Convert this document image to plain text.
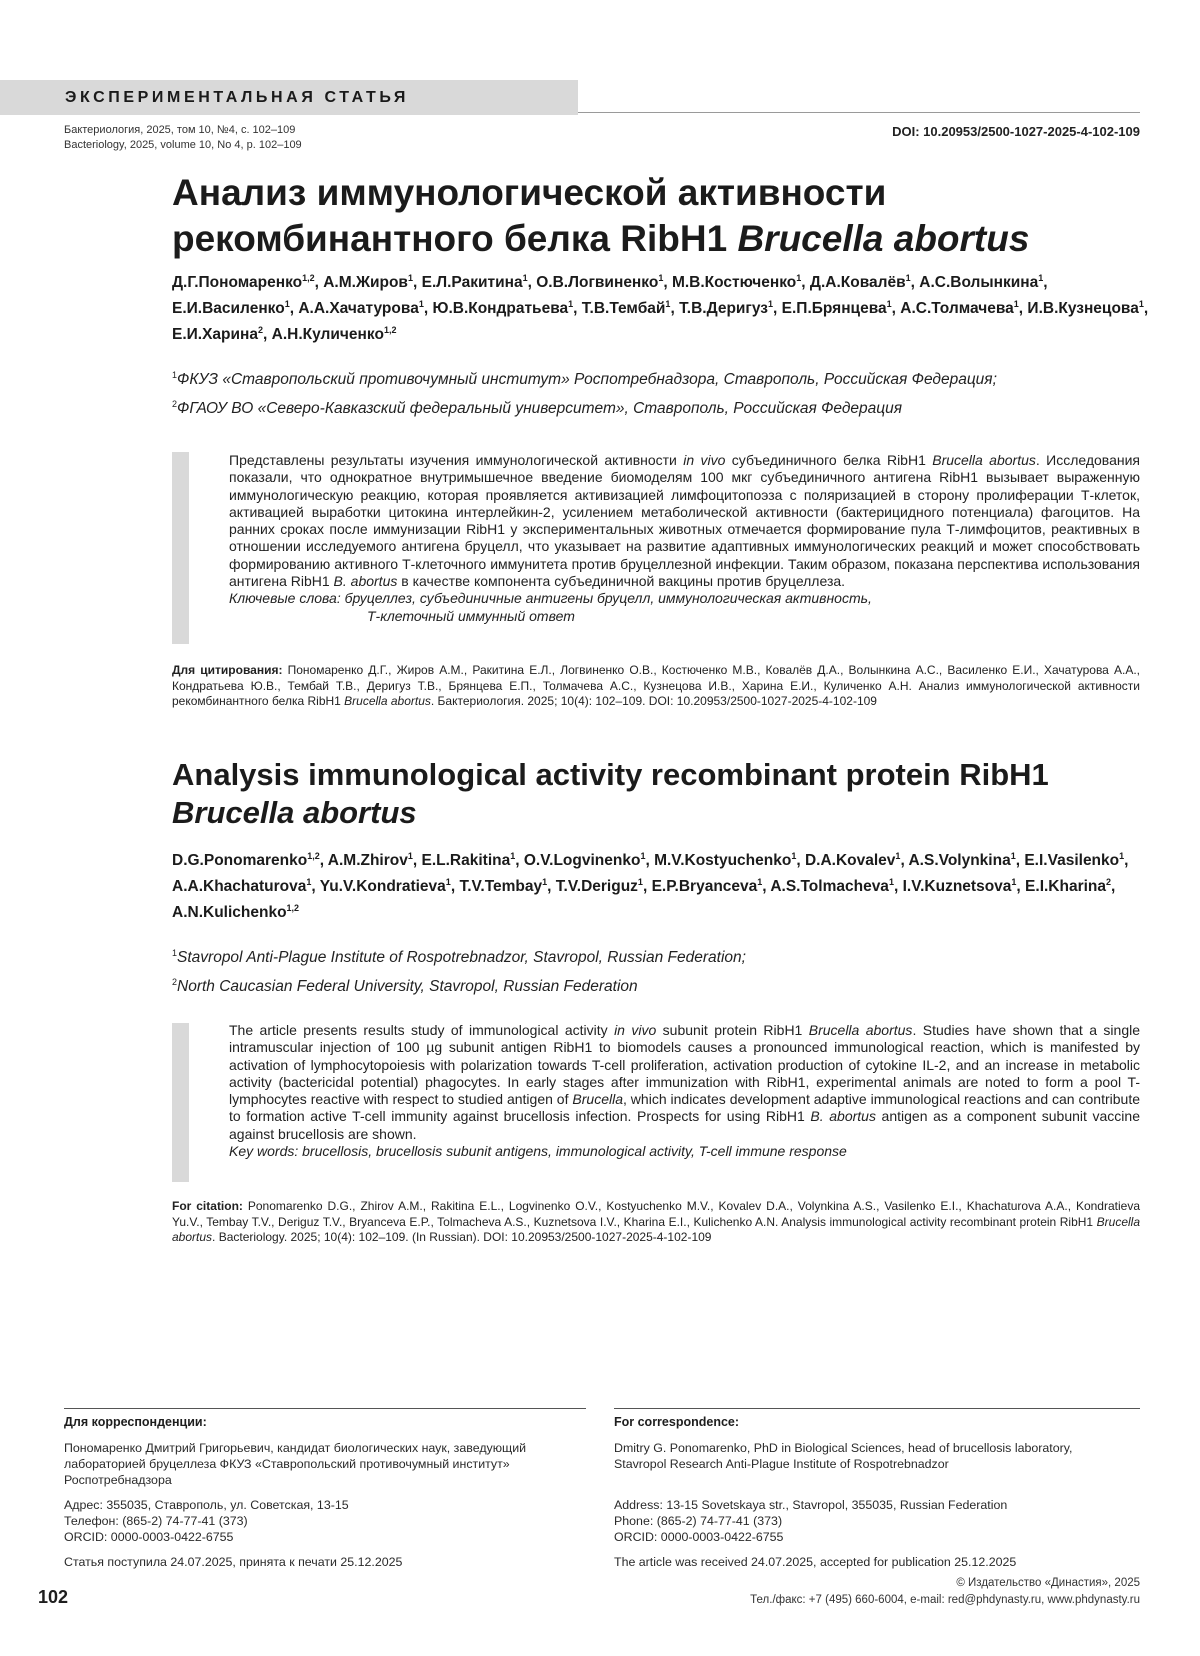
ЭКСПЕРИМЕНТАЛЬНАЯ СТАТЬЯ
Бактериология, 2025, том 10, №4, с. 102–109
Bacteriology, 2025, volume 10, No 4, p. 102–109
DOI: 10.20953/2500-1027-2025-4-102-109
Анализ иммунологической активности
рекомбинантного белка RibH1 Brucella abortus
Д.Г.Пономаренко$^{1,2}$, А.М.Жиров$^1$, Е.Л.Ракитина$^1$, О.В.Логвиненко$^1$, М.В.Костюченко$^1$, Д.А.Ковалёв$^1$, А.С.Волынкина$^1$, Е.И.Василенко$^1$, А.А.Хачатурова$^1$, Ю.В.Кондратьева$^1$, Т.В.Тембай$^1$, Т.В.Деригуз$^1$, Е.П.Брянцева$^1$, А.С.Толмачева$^1$, И.В.Кузнецова$^1$, Е.И.Харина$^2$, А.Н.Куличенко$^{1,2}$
$^1$ФКУЗ «Ставропольский противочумный институт» Роспотребнадзора, Ставрополь, Российская Федерация;
$^2$ФГАОУ ВО «Северо-Кавказский федеральный университет», Ставрополь, Российская Федерация
Представлены результаты изучения иммунологической активности in vivo субъединичного белка RibH1 Brucella abortus. Исследования показали, что однократное внутримышечное введение биомоделям 100 мкг субъединичного антигена RibH1 вызывает выраженную иммунологическую реакцию, которая проявляется активизацией лимфоцитопоэза с поляризацией в сторону пролиферации Т-клеток, активацией выработки цитокина интерлейкин-2, усилением метаболической активности (бактерицидного потенциала) фагоцитов. На ранних сроках после иммунизации RibH1 у экспериментальных животных отмечается формирование пула Т-лимфоцитов, реактивных в отношении исследуемого антигена бруцелл, что указывает на развитие адаптивных иммунологических реакций и может способствовать формированию активного Т-клеточного иммунитета против бруцеллезной инфекции. Таким образом, показана перспектива использования антигена RibH1 B. abortus в качестве компонента субъединичной вакцины против бруцеллеза.
Ключевые слова: бруцеллез, субъединичные антигены бруцелл, иммунологическая активность,
Т-клеточный иммунный ответ
Для цитирования: Пономаренко Д.Г., Жиров А.М., Ракитина Е.Л., Логвиненко О.В., Костюченко М.В., Ковалёв Д.А., Волынкина А.С., Василенко Е.И., Хачатурова А.А., Кондратьева Ю.В., Тембай Т.В., Деригуз Т.В., Брянцева Е.П., Толмачева А.С., Кузнецова И.В., Харина Е.И., Куличенко А.Н. Анализ иммунологической активности рекомбинантного белка RibH1 Brucella abortus. Бактериология. 2025; 10(4): 102–109. DOI: 10.20953/2500-1027-2025-4-102-109
Analysis immunological activity recombinant protein RibH1
Brucella abortus
D.G.Ponomarenko$^{1,2}$, A.M.Zhirov$^1$, E.L.Rakitina$^1$, O.V.Logvinenko$^1$, M.V.Kostyuchenko$^1$, D.A.Kovalev$^1$, A.S.Volynkina$^1$, E.I.Vasilenko$^1$, A.A.Khachaturova$^1$, Yu.V.Kondratieva$^1$, T.V.Tembay$^1$, T.V.Deriguz$^1$, E.P.Bryanceva$^1$, A.S.Tolmacheva$^1$, I.V.Kuznetsova$^1$, E.I.Kharina$^2$, A.N.Kulichenko$^{1,2}$
$^1$Stavropol Anti-Plague Institute of Rospotrebnadzor, Stavropol, Russian Federation;
$^2$North Caucasian Federal University, Stavropol, Russian Federation
The article presents results study of immunological activity in vivo subunit protein RibH1 Brucella abortus. Studies have shown that a single intramuscular injection of 100 µg subunit antigen RibH1 to biomodels causes a pronounced immunological reaction, which is manifested by activation of lymphocytopoiesis with polarization towards T-cell proliferation, activation production of cytokine IL-2, and an increase in metabolic activity (bactericidal potential) phagocytes. In early stages after immunization with RibH1, experimental animals are noted to form a pool T-lymphocytes reactive with respect to studied antigen of Brucella, which indicates development adaptive immunological reactions and can contribute to formation active T-cell immunity against brucellosis infection. Prospects for using RibH1 B. abortus antigen as a component subunit vaccine against brucellosis are shown.
Key words: brucellosis, brucellosis subunit antigens, immunological activity, T-cell immune response
For citation: Ponomarenko D.G., Zhirov A.M., Rakitina E.L., Logvinenko O.V., Kostyuchenko M.V., Kovalev D.A., Volynkina A.S., Vasilenko E.I., Khachaturova A.A., Kondratieva Yu.V., Tembay T.V., Deriguz T.V., Bryanceva E.P., Tolmacheva A.S., Kuznetsova I.V., Kharina E.I., Kulichenko A.N. Analysis immunological activity recombinant protein RibH1 Brucella abortus. Bacteriology. 2025; 10(4): 102–109. (In Russian). DOI: 10.20953/2500-1027-2025-4-102-109

Для корреспонденции:

Пономаренко Дмитрий Григорьевич, кандидат биологических наук, заведующий лабораторией бруцеллеза ФКУЗ «Ставропольский противочумный институт» Роспотребнадзора

Адрес: 355035, Ставрополь, ул. Советская, 13-15

Телефон: (865-2) 74-77-41 (373)

ORCID: 0000-0003-0422-6755

Статья поступила 24.07.2025, принята к печати 25.12.2025

For correspondence:

Dmitry G. Ponomarenko, PhD in Biological Sciences, head of brucellosis laboratory, Stavropol Research Anti-Plague Institute of Rospotrebnadzor

Address: 13-15 Sovetskaya str., Stavropol, 355035, Russian Federation

Phone: (865-2) 74-77-41 (373)

ORCID: 0000-0003-0422-6755

The article was received 24.07.2025, accepted for publication 25.12.2025

102
© Издательство «Династия», 2025
Тел./факс: +7 (495) 660-6004, e-mail: red@phdynasty.ru, www.phdynasty.ru
